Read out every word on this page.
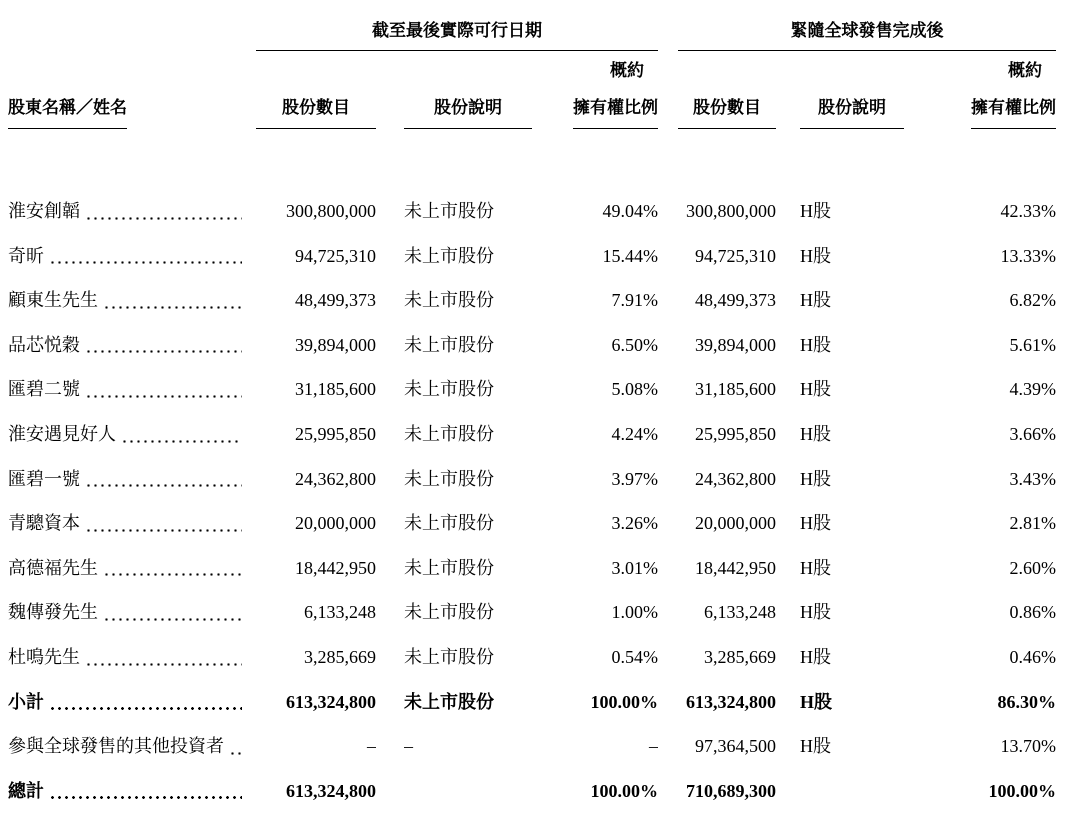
截至最後實際可行日期	緊隨全球發售完成後
股東名稱／姓名	股份數目	股份說明
概約
擁有權比例	股份數目	股份說明
概約
擁有權比例
淮安創韜	300,800,000 未上市股份	49.04%	300,800,000 H股	42.33%
奇昕	94,725,310 未上市股份	15.44%	94,725,310 H股	13.33%
顧東生先生	48,499,373 未上市股份	7.91%	48,499,373 H股	6.82%
品芯悦穀	39,894,000 未上市股份	6.50%	39,894,000 H股	5.61%
匯碧二號	31,185,600 未上市股份	5.08%	31,185,600 H股	4.39%
淮安遇見好人	25,995,850 未上市股份	4.24%	25,995,850 H股	3.66%
匯碧一號	24,362,800 未上市股份	3.97%	24,362,800 H股	3.43%
青驄資本	20,000,000 未上市股份	3.26%	20,000,000 H股	2.81%
高德福先生	18,442,950 未上市股份	3.01%	18,442,950 H股	2.60%
魏傳發先生	6,133,248 未上市股份	1.00%	6,133,248 H股	0.86%
杜鳴先生	3,285,669 未上市股份	0.54%	3,285,669 H股	0.46%
小計	613,324,800 未上市股份	100.00%	613,324,800 H股	86.30%
參與全球發售的其他投資者	– –	–	97,364,500 H股	13.70%
總計	613,324,800	100.00%	710,689,300	100.00%
